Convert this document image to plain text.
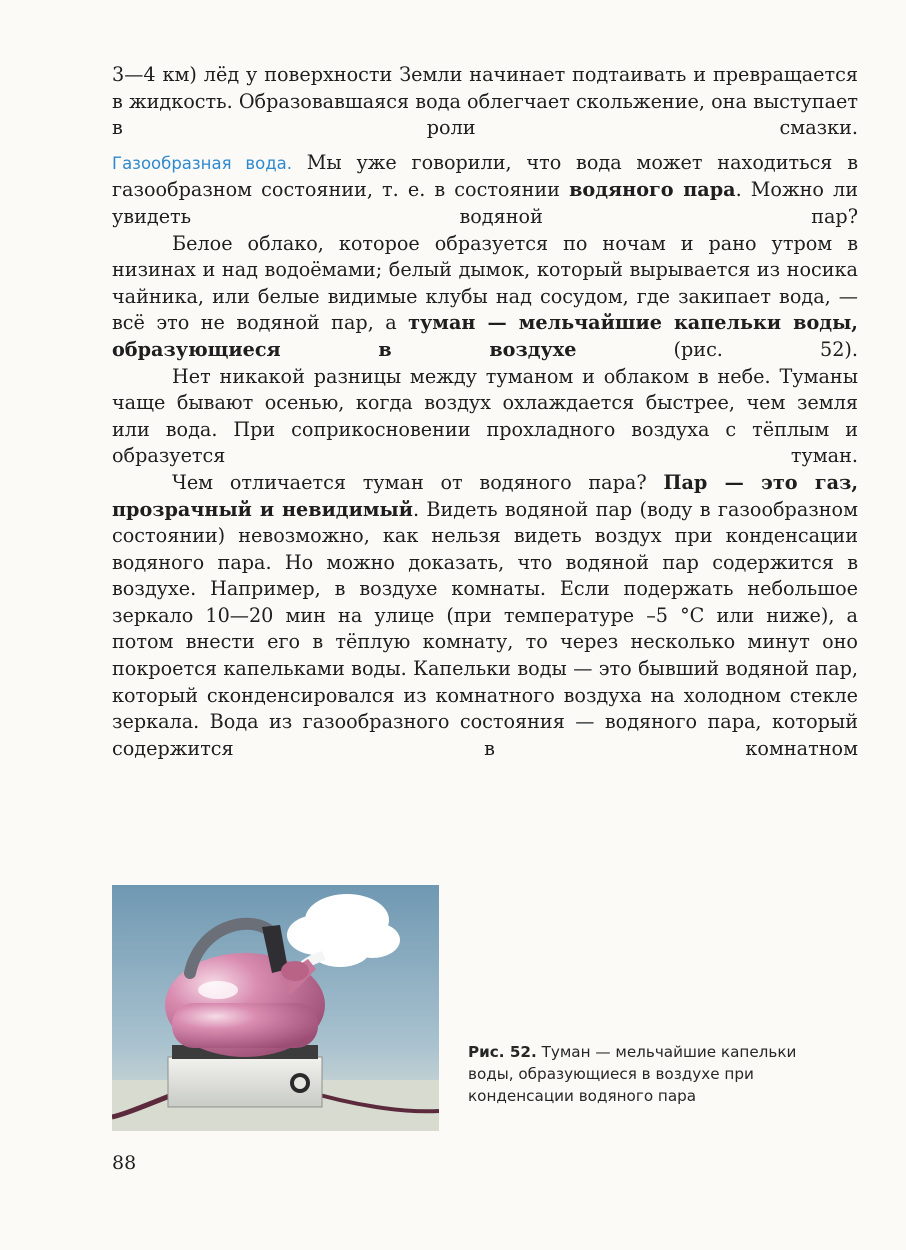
3—4 км) лёд у поверхности Земли начинает подтаивать и превращается в жидкость. Образовавшаяся вода облегчает скольжение, она выступает в роли смазки.

Газообразная вода. Мы уже говорили, что вода может находиться в газообразном состоянии, т. е. в состоянии водяного пара. Можно ли увидеть водяной пар?

Белое облако, которое образуется по ночам и рано утром в низинах и над водоёмами; белый дымок, который вырывается из носика чайника, или белые видимые клубы над сосудом, где закипает вода, — всё это не водяной пар, а туман — мельчайшие капельки воды, образующиеся в воздухе (рис. 52).

Нет никакой разницы между туманом и облаком в небе. Туманы чаще бывают осенью, когда воздух охлаждается быстрее, чем земля или вода. При соприкосновении прохладного воздуха с тёплым и образуется туман.

Чем отличается туман от водяного пара? Пар — это газ, прозрачный и невидимый. Видеть водяной пар (воду в газообразном состоянии) невозможно, как нельзя видеть воздух при конденсации водяного пара. Но можно доказать, что водяной пар содержится в воздухе. Например, в воздухе комнаты. Если подержать небольшое зеркало 10—20 мин на улице (при температуре –5 °С или ниже), а потом внести его в тёплую комнату, то через несколько минут оно покроется капельками воды. Капельки воды — это бывший водяной пар, который сконденсировался из комнатного воздуха на холодном стекле зеркала. Вода из газообразного состояния — водяного пара, который содержится в комнатном

Рис. 52. Туман — мельчайшие капельки воды, образующиеся в воздухе при конденсации водяного пара
88
